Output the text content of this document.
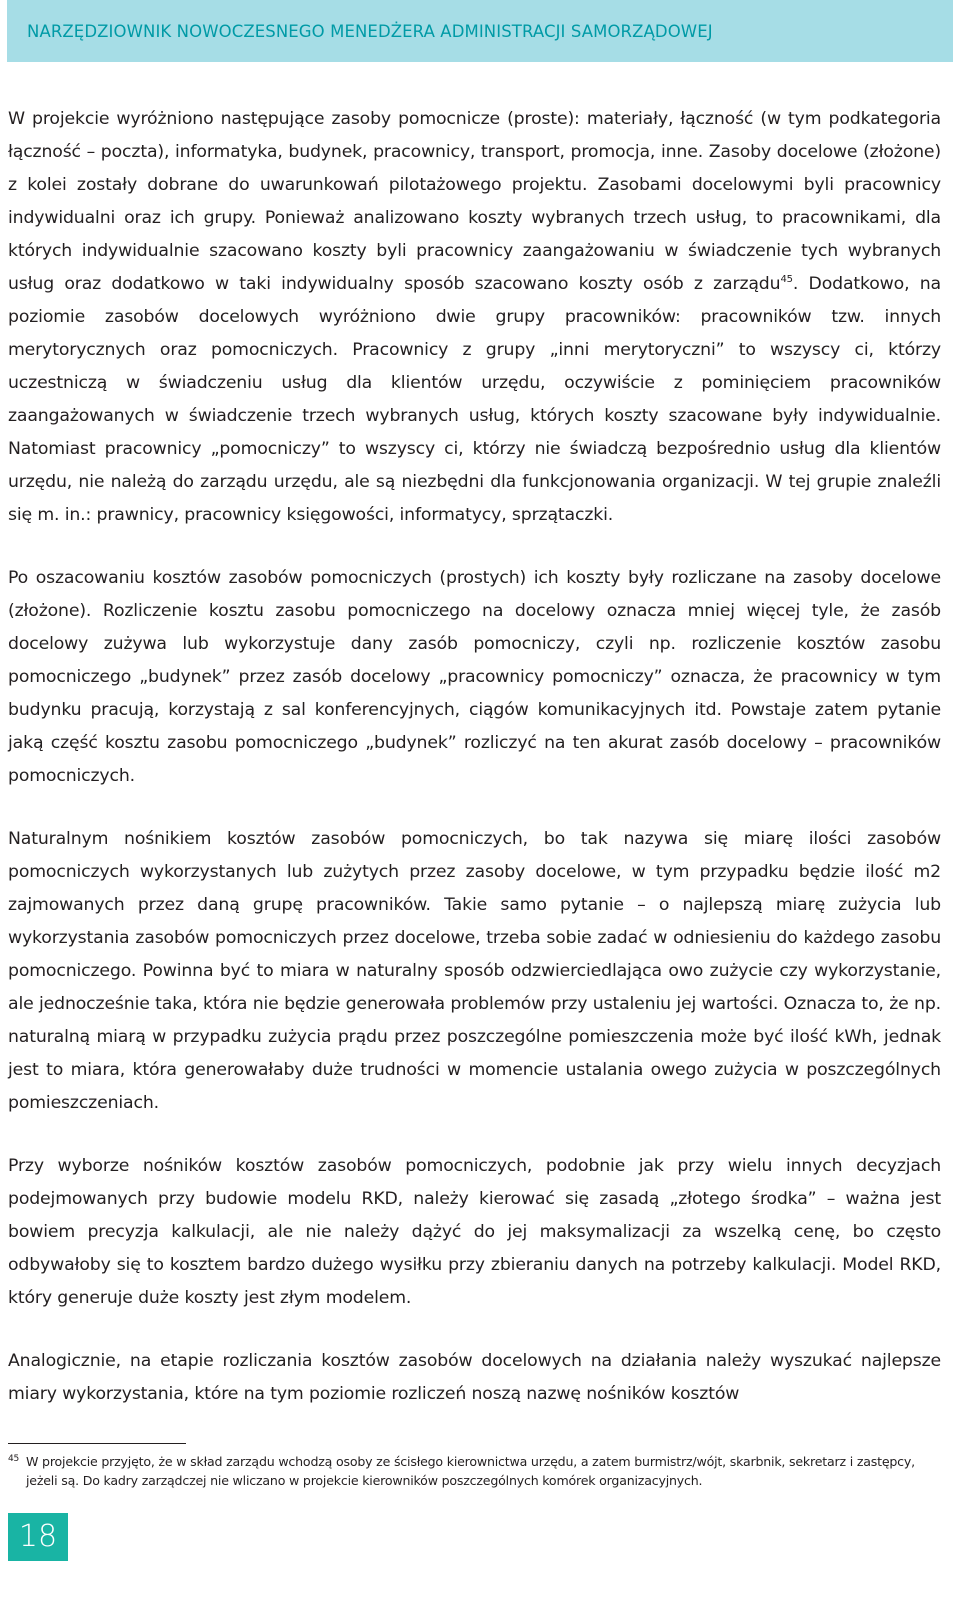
NARZĘDZIOWNIK NOWOCZESNEGO MENEDŻERA ADMINISTRACJI SAMORZĄDOWEJ

W projekcie wyróżniono następujące zasoby pomocnicze (proste): materiały, łączność (w tym podkategoria łączność – poczta), informatyka, budynek, pracownicy, transport, promocja, inne. Zasoby docelowe (złożone) z kolei zostały dobrane do uwarunkowań pilotażowego projektu. Zasobami docelowymi byli pracownicy indywidualni oraz ich grupy. Ponieważ analizowano koszty wybranych trzech usług, to pracownikami, dla których indywidualnie szacowano koszty byli pracownicy zaangażowaniu w świadczenie tych wybranych usług oraz dodatkowo w taki indywidualny sposób szacowano koszty osób z zarządu$^{45}$. Dodatkowo, na poziomie zasobów docelowych wyróżniono dwie grupy pracowników: pracowników tzw. innych merytorycznych oraz pomocniczych. Pracownicy z grupy „inni merytoryczni” to wszyscy ci, którzy uczestniczą w świadczeniu usług dla klientów urzędu, oczywiście z pominięciem pracowników zaangażowanych w świadczenie trzech wybranych usług, których koszty szacowane były indywidualnie. Natomiast pracownicy „pomocniczy” to wszyscy ci, którzy nie świadczą bezpośrednio usług dla klientów urzędu, nie należą do zarządu urzędu, ale są niezbędni dla funkcjonowania organizacji. W tej grupie znaleźli się m. in.: prawnicy, pracownicy księgowości, informatycy, sprzątaczki.

Po oszacowaniu kosztów zasobów pomocniczych (prostych) ich koszty były rozliczane na zasoby docelowe (złożone). Rozliczenie kosztu zasobu pomocniczego na docelowy oznacza mniej więcej tyle, że zasób docelowy zużywa lub wykorzystuje dany zasób pomocniczy, czyli np. rozliczenie kosztów zasobu pomocniczego „budynek” przez zasób docelowy „pracownicy pomocniczy” oznacza, że pracownicy w tym budynku pracują, korzystają z sal konferencyjnych, ciągów komunikacyjnych itd. Powstaje zatem pytanie jaką część kosztu zasobu pomocniczego „budynek” rozliczyć na ten akurat zasób docelowy – pracowników pomocniczych.

Naturalnym nośnikiem kosztów zasobów pomocniczych, bo tak nazywa się miarę ilości zasobów pomocniczych wykorzystanych lub zużytych przez zasoby docelowe, w tym przypadku będzie ilość m2 zajmowanych przez daną grupę pracowników. Takie samo pytanie – o najlepszą miarę zużycia lub wykorzystania zasobów pomocniczych przez docelowe, trzeba sobie zadać w odniesieniu do każdego zasobu pomocniczego. Powinna być to miara w naturalny sposób odzwierciedlająca owo zużycie czy wykorzystanie, ale jednocześnie taka, która nie będzie generowała problemów przy ustaleniu jej wartości. Oznacza to, że np. naturalną miarą w przypadku zużycia prądu przez poszczególne pomieszczenia może być ilość kWh, jednak jest to miara, która generowałaby duże trudności w momencie ustalania owego zużycia w poszczególnych pomieszczeniach.

Przy wyborze nośników kosztów zasobów pomocniczych, podobnie jak przy wielu innych decyzjach podejmowanych przy budowie modelu RKD, należy kierować się zasadą „złotego środka” – ważna jest bowiem precyzja kalkulacji, ale nie należy dążyć do jej maksymalizacji za wszelką cenę, bo często odbywałoby się to kosztem bardzo dużego wysiłku przy zbieraniu danych na potrzeby kalkulacji. Model RKD, który generuje duże koszty jest złym modelem.

Analogicznie, na etapie rozliczania kosztów zasobów docelowych na działania należy wyszukać najlepsze miary wykorzystania, które na tym poziomie rozliczeń noszą nazwę nośników kosztów

45 W projekcie przyjęto, że w skład zarządu wchodzą osoby ze ścisłego kierownictwa urzędu, a zatem burmistrz/wójt, skarbnik, sekretarz i zastępcy, jeżeli są. Do kadry zarządczej nie wliczano w projekcie kierowników poszczególnych komórek organizacyjnych.
18
